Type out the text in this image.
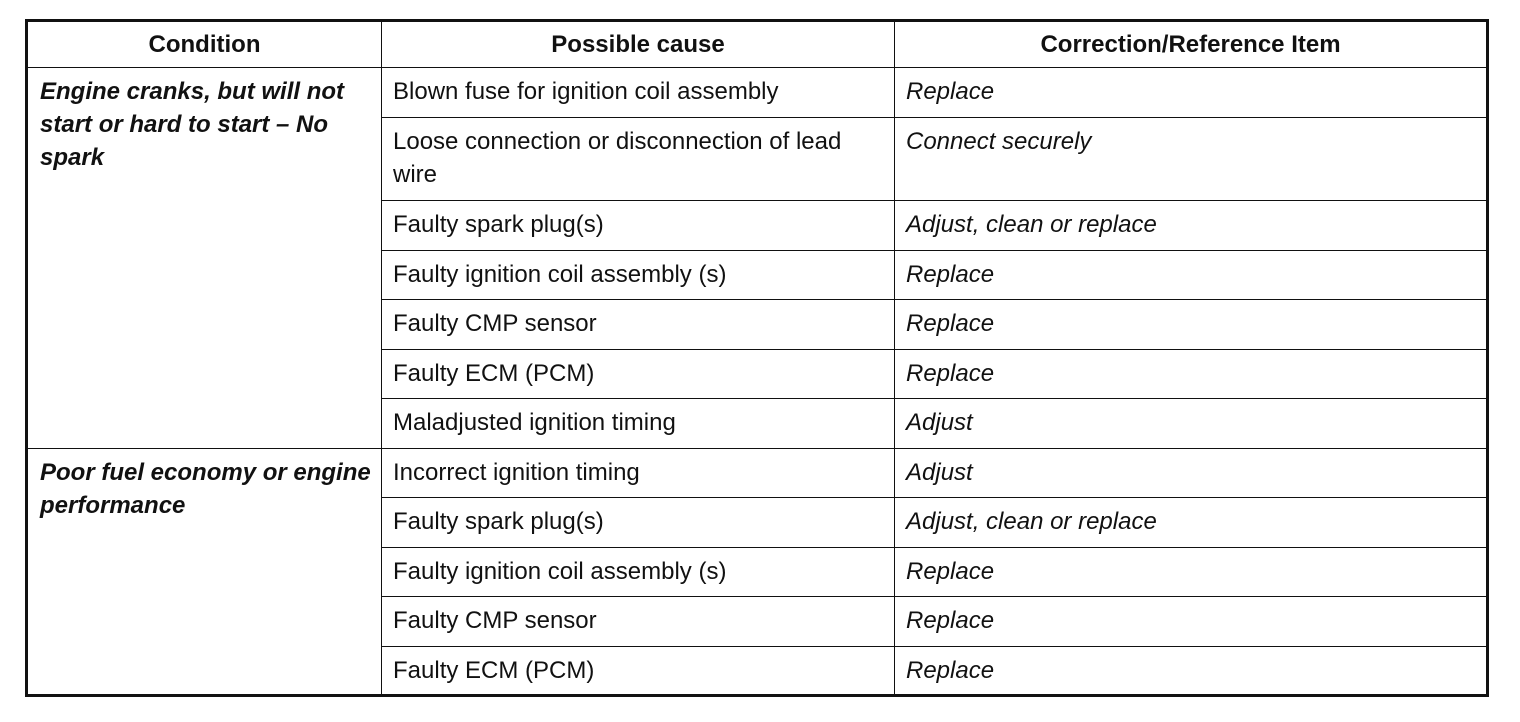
Condition	Possible cause	Correction/Reference Item
Engine cranks, but will not start or hard to start – No spark	Blown fuse for ignition coil assembly	Replace
	Loose connection or disconnection of lead wire	Connect securely
	Faulty spark plug(s)	Adjust, clean or replace
	Faulty ignition coil assembly (s)	Replace
	Faulty CMP sensor	Replace
	Faulty ECM (PCM)	Replace
	Maladjusted ignition timing	Adjust
Poor fuel economy or engine performance	Incorrect ignition timing	Adjust
	Faulty spark plug(s)	Adjust, clean or replace
	Faulty ignition coil assembly (s)	Replace
	Faulty CMP sensor	Replace
	Faulty ECM (PCM)	Replace
